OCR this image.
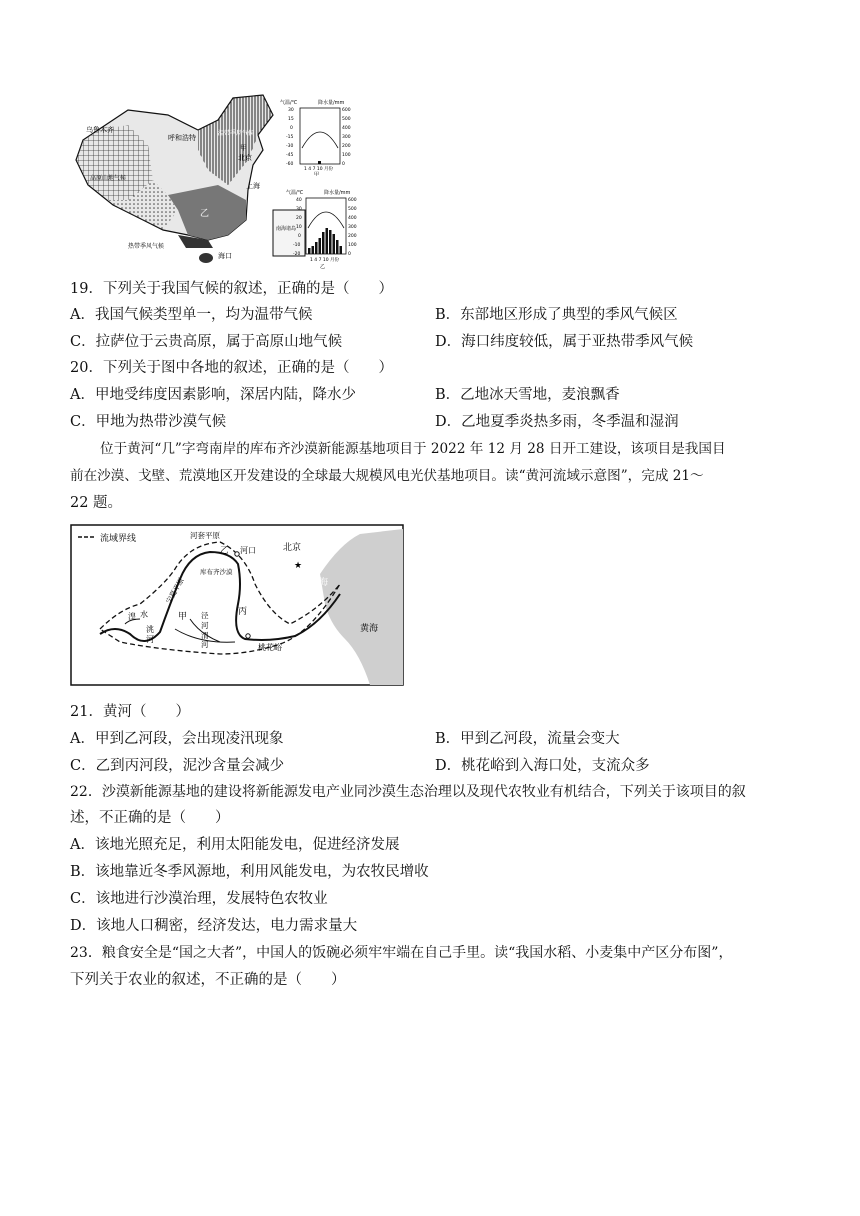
乌鲁木齐
呼和浩特
温带季风气候
甲
北京
高原山地气候
上海
乙
热带季风气候
海口
南海诸岛
气温/℃	降水量/mm
30
15
0
-15
-30
-45
-60
600
500
400
300
200
100
0
1 4 7 10 月份
甲
气温/℃	降水量/mm
40
30
20
10
0
-10
-20
600
500
400
300
200
100
0
1 4 7 10 月份
乙
19．下列关于我国气候的叙述，正确的是（　　）
A．我国气候类型单一，均为温带气候	B．东部地区形成了典型的季风气候区
C．拉萨位于云贵高原，属于高原山地气候	D．海口纬度较低，属于亚热带季风气候
20．下列关于图中各地的叙述，正确的是（　　）
A．甲地受纬度因素影响，深居内陆，降水少	B．乙地冰天雪地，麦浪飘香
C．甲地为热带沙漠气候	D．乙地夏季炎热多雨，冬季温和湿润
位于黄河“几”字弯南岸的库布齐沙漠新能源基地项目于 2022 年 12 月 28 日开工建设，该项目是我国目
前在沙漠、戈壁、荒漠地区开发建设的全球最大规模风电光伏基地项目。读“黄河流域示意图”，完成 21～
22 题。
流域界线	河套平原
乙 河口	北京
★
库布齐沙漠
宁夏平原	渤海
湟 水	甲 泾
河
丙
洮
河	渭
河
黄海
桃花峪
21．黄河（　　）
A．甲到乙河段，会出现凌汛现象	B．甲到乙河段，流量会变大
C．乙到丙河段，泥沙含量会减少	D．桃花峪到入海口处，支流众多
22．沙漠新能源基地的建设将新能源发电产业同沙漠生态治理以及现代农牧业有机结合，下列关于该项目的叙
述，不正确的是（　　）
A．该地光照充足，利用太阳能发电，促进经济发展
B．该地靠近冬季风源地，利用风能发电，为农牧民增收
C．该地进行沙漠治理，发展特色农牧业
D．该地人口稠密，经济发达，电力需求量大
23．粮食安全是“国之大者”，中国人的饭碗必须牢牢端在自己手里。读“我国水稻、小麦集中产区分布图”，
下列关于农业的叙述，不正确的是（　　）
